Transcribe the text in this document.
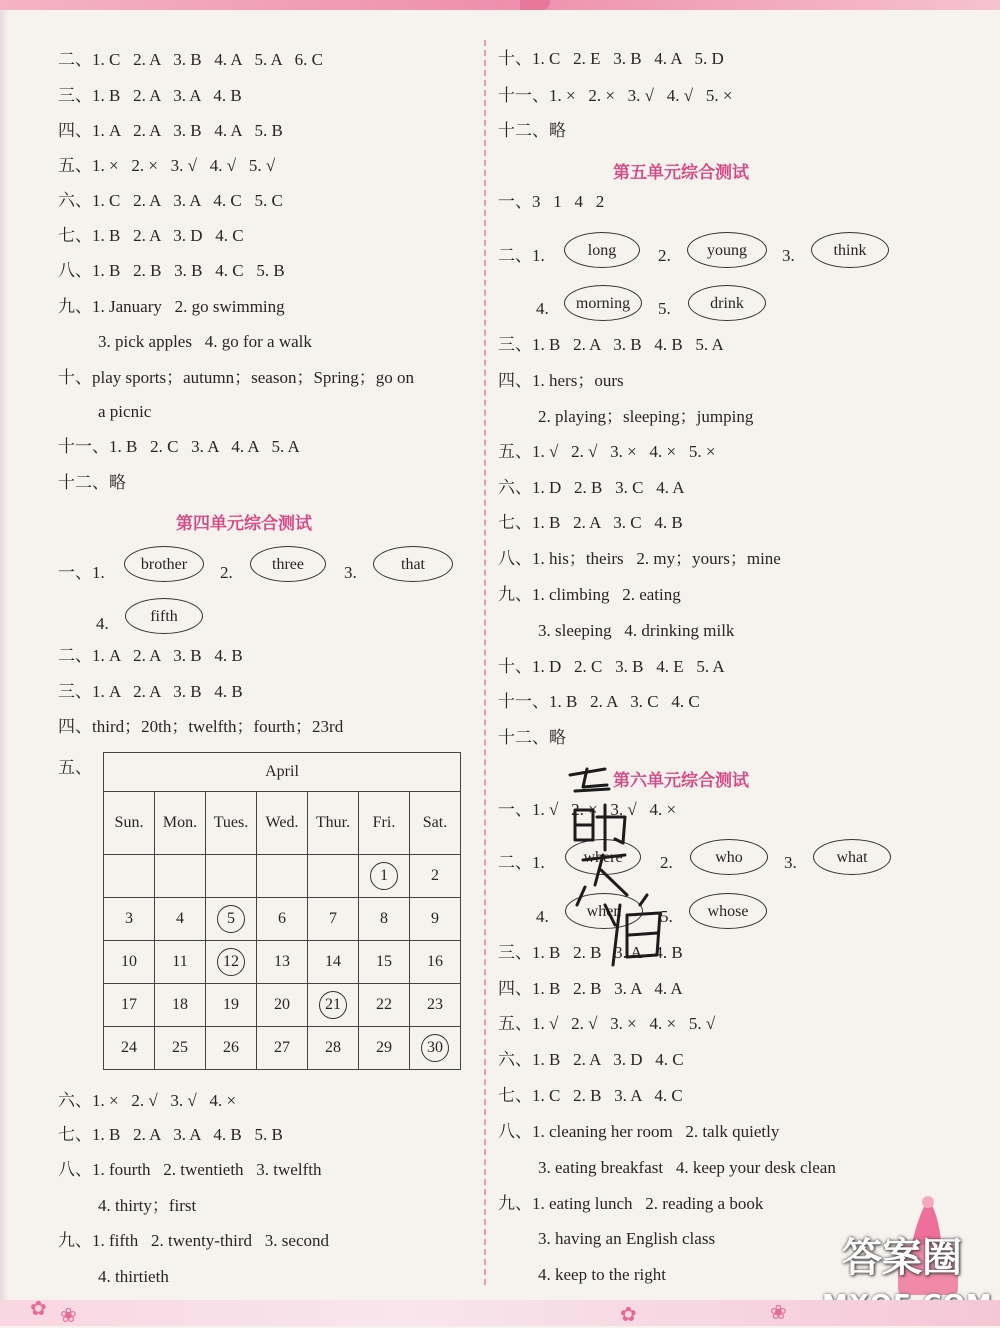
二、1. C   2. A   3. B   4. A   5. A   6. C
三、1. B   2. A   3. A   4. B
四、1. A   2. A   3. B   4. A   5. B
五、1. ×   2. ×   3. √   4. √   5. √
六、1. C   2. A   3. A   4. C   5. C
七、1. B   2. A   3. D   4. C
八、1. B   2. B   3. B   4. C   5. B
九、1. January   2. go swimming
3. pick apples   4. go for a walk
十、play sports；autumn；season；Spring；go on
a picnic
十一、1. B   2. C   3. A   4. A   5. A
十二、略
第四单元综合测试
一、1.	brother	2.	three	3.	that
4.	fifth
二、1. A   2. A   3. B   4. B
三、1. A   2. A   3. B   4. B
四、third；20th；twelfth；fourth；23rd
五、	April						
Sun.	Mon.	Tues.	Wed.	Thur.	Fri.	Sat.
					1	2
3	4	5	6	7	8	9
10	11	12	13	14	15	16
17	18	19	20	21	22	23
24	25	26	27	28	29	30
六、1. ×   2. √   3. √   4. ×
七、1. B   2. A   3. A   4. B   5. B
八、1. fourth   2. twentieth   3. twelfth
4. thirty；first
九、1. fifth   2. twenty-third   3. second
4. thirtieth
十、1. C   2. E   3. B   4. A   5. D
十一、1. ×   2. ×   3. √   4. √   5. ×
十二、略
一、3   1   4   2
第五单元综合测试
二、1.	long	2.	young	3.	think
4.	morning	5.	drink
三、1. B   2. A   3. B   4. B   5. A
四、1. hers；ours
2. playing；sleeping；jumping
五、1. √   2. √   3. ×   4. ×   5. ×
六、1. D   2. B   3. C   4. A
七、1. B   2. A   3. C   4. B
八、1. his；theirs   2. my；yours；mine
九、1. climbing   2. eating
3. sleeping   4. drinking milk
十、1. D   2. C   3. B   4. E   5. A
十一、1. B   2. A   3. C   4. C
十二、略
一、1. √   2. ×   3. √   4. ×
第六单元综合测试
二、1.	where	2.	who	3.	what
4.	when	5.	whose
三、1. B   2. B   3. A   4. B
四、1. B   2. B   3. A   4. A
五、1. √   2. √   3. ×   4. ×   5. √
六、1. B   2. A   3. D   4. C
七、1. C   2. B   3. A   4. C
八、1. cleaning her room   2. talk quietly
3. eating breakfast   4. keep your desk clean
九、1. eating lunch   2. reading a book
3. having an English class
4. keep to the right	答案圈
✿ ❀	✿	❀
